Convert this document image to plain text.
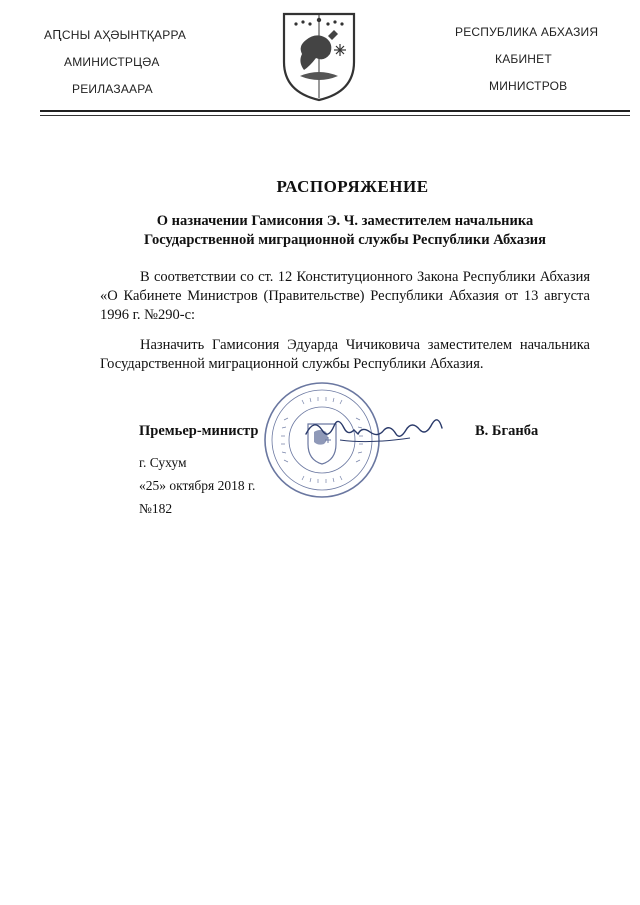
АԤСНЫ АҲӘЫНТҚАРРА
АМИНИСТРЦӘА
РЕИЛАЗААРА
РЕСПУБЛИКА АБХАЗИЯ
КАБИНЕТ
МИНИСТРОВ
РАСПОРЯЖЕНИЕ
О назначении Гамисония Э. Ч. заместителем начальника Государственной миграционной службы Республики Абхазия
В соответствии со ст. 12 Конституционного Закона Республики Абхазия «О Кабинете Министров (Правительстве) Республики Абхазия от 13 августа 1996 г. №290-с:
Назначить Гамисония Эдуарда Чичиковича заместителем начальника Государственной миграционной службы Республики Абхазия.
Премьер-министр	В. Бганба
г. Сухум
«25» октября 2018 г.
№182
